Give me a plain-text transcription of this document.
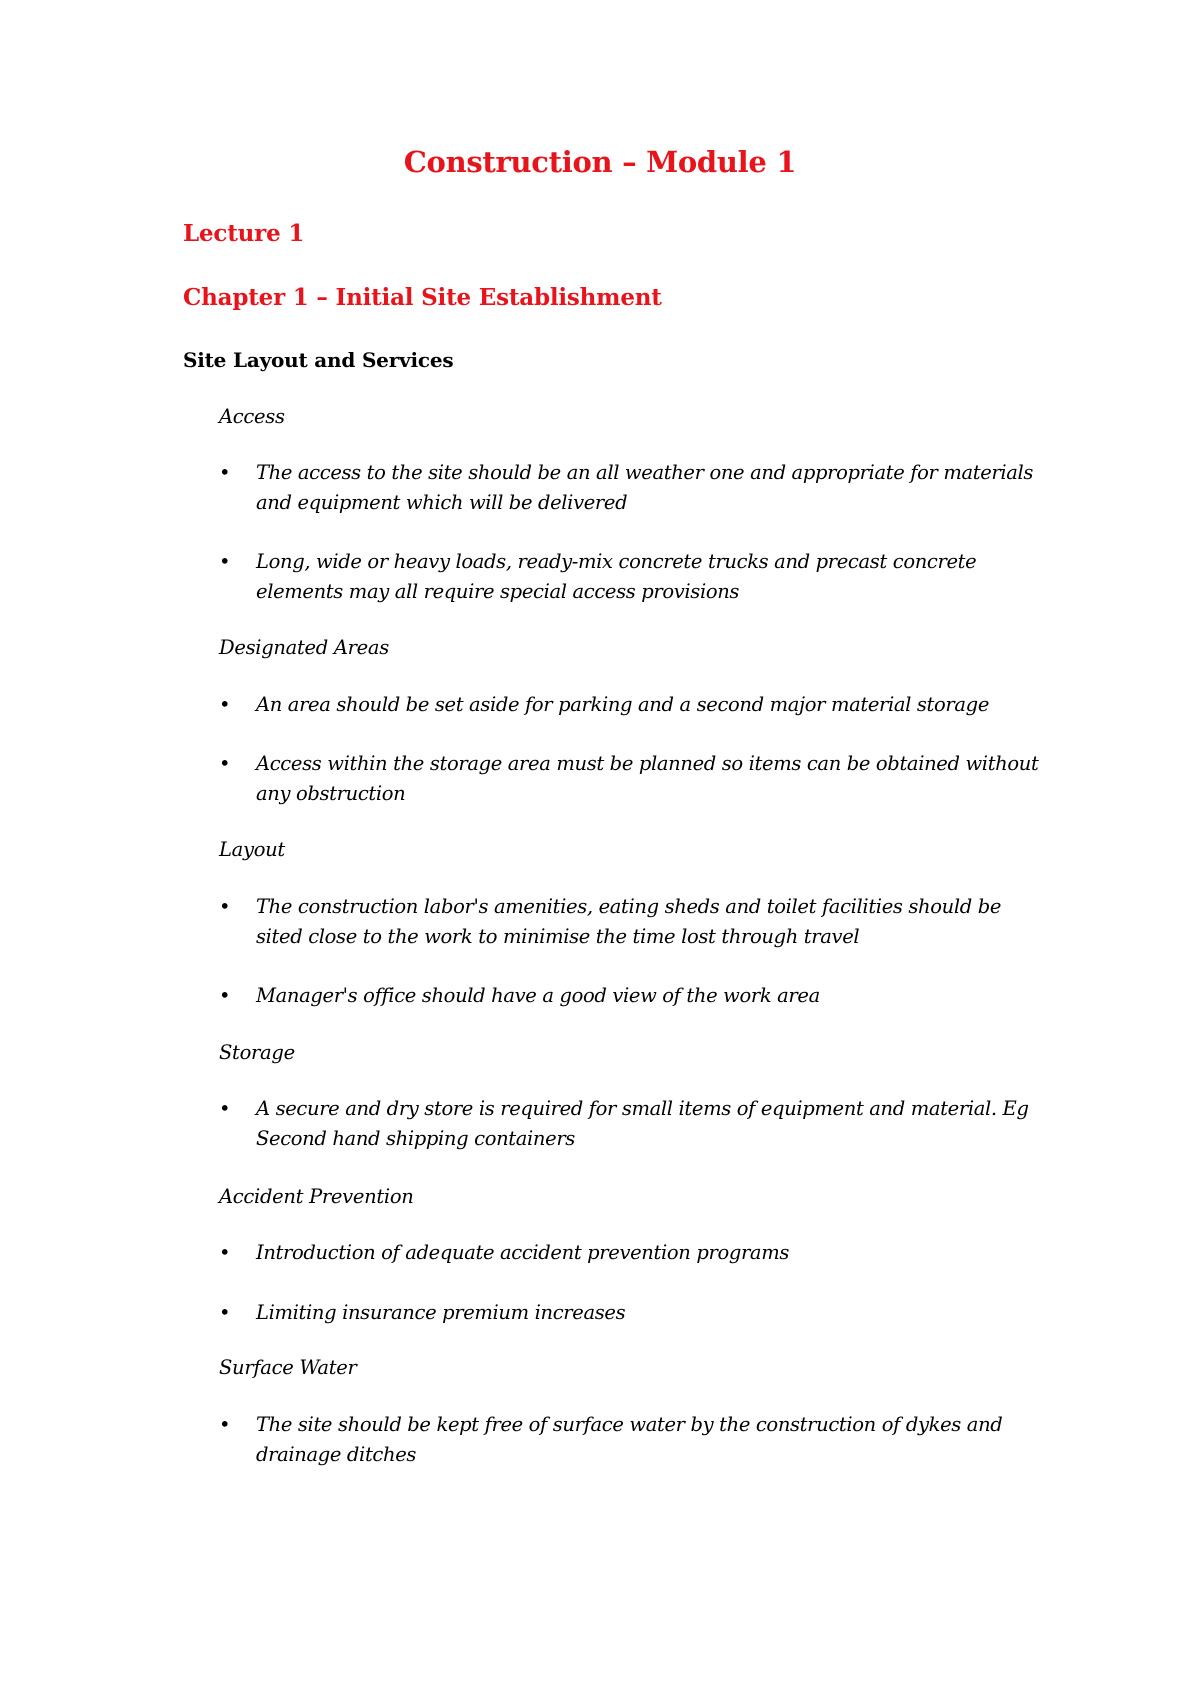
Construction – Module 1
Lecture 1
Chapter 1 – Initial Site Establishment
Site Layout and Services
Access
• The access to the site should be an all weather one and appropriate for materials and equipment which will be delivered
• Long, wide or heavy loads, ready-mix concrete trucks and precast concrete elements may all require special access provisions
Designated Areas
• An area should be set aside for parking and a second major material storage
• Access within the storage area must be planned so items can be obtained without any obstruction
Layout
• The construction labor's amenities, eating sheds and toilet facilities should be sited close to the work to minimise the time lost through travel
• Manager's office should have a good view of the work area
Storage
• A secure and dry store is required for small items of equipment and material. Eg Second hand shipping containers
Accident Prevention
• Introduction of adequate accident prevention programs
• Limiting insurance premium increases
Surface Water
• The site should be kept free of surface water by the construction of dykes and drainage ditches
